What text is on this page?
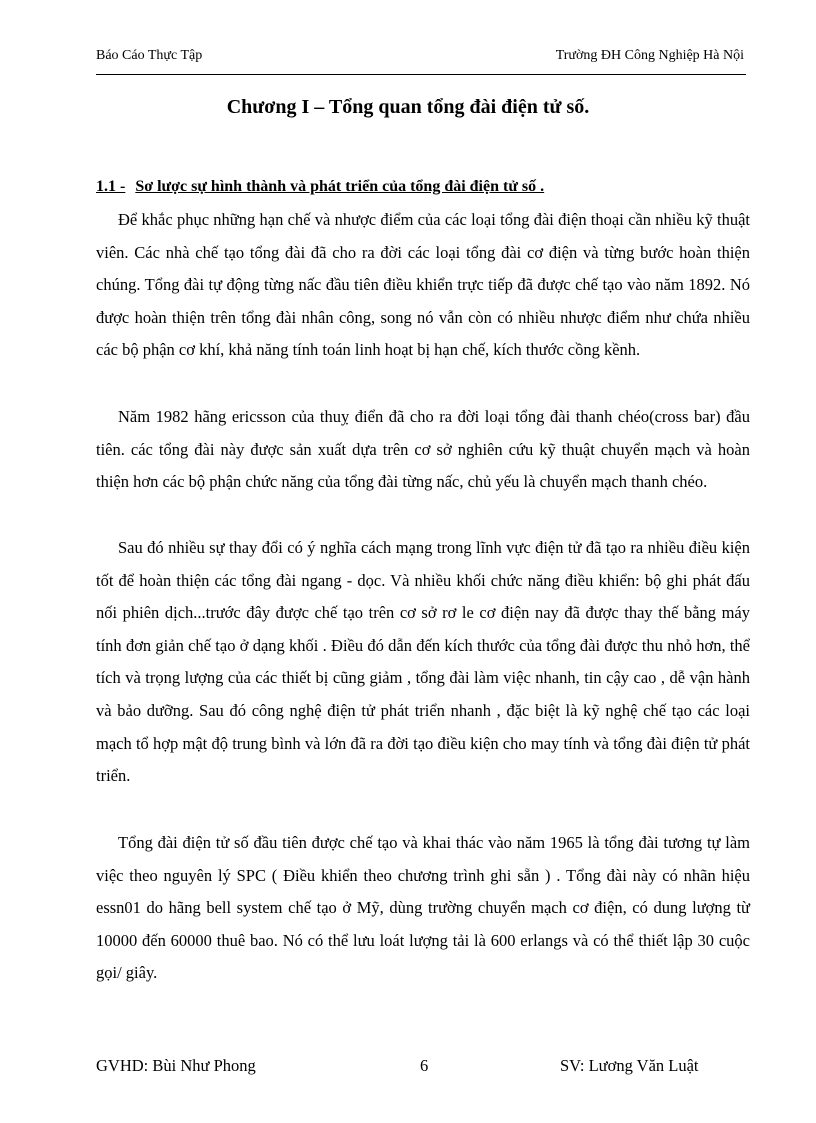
Báo Cáo Thực Tập	Trường ĐH Công Nghiệp Hà Nội
Chương I – Tổng quan tổng đài điện tử số.
1.1 - Sơ lược sự hình thành và phát triển của tổng đài điện tử số .

Để khắc phục những hạn chế và nhược điểm của các loại tổng đài điện thoại cần nhiều kỹ thuật viên. Các nhà chế tạo tổng đài đã cho ra đời các loại tổng đài cơ điện và từng bước hoàn thiện chúng. Tổng đài tự động từng nấc đầu tiên điều khiển trực tiếp đã được chế tạo vào năm 1892. Nó được hoàn thiện trên tổng đài nhân công, song nó vẫn còn có nhiều nhược điểm như chứa nhiều các bộ phận cơ khí, khả năng tính toán linh hoạt bị hạn chế, kích thước cồng kềnh.

Năm 1982 hãng ericsson của thuỵ điển đã cho ra đời loại tổng đài thanh chéo(cross bar) đầu tiên. các tổng đài này được sản xuất dựa trên cơ sở nghiên cứu kỹ thuật chuyển mạch và hoàn thiện hơn các bộ phận chức năng của tổng đài từng nấc, chủ yếu là chuyển mạch thanh chéo.

Sau đó nhiều sự thay đổi có ý nghĩa cách mạng trong lĩnh vực điện tử đã tạo ra nhiều điều kiện tốt để hoàn thiện các tổng đài ngang - dọc. Và nhiều khối chức năng điều khiển: bộ ghi phát đấu nối phiên dịch...trước đây được chế tạo trên cơ sở rơ le cơ điện nay đã được thay thế bằng máy tính đơn giản chế tạo ở dạng khối . Điều đó dẫn đến kích thước của tổng đài được thu nhỏ hơn, thể tích và trọng lượng của các thiết bị cũng giảm , tổng đài làm việc nhanh, tin cậy cao , dễ vận hành và bảo dưỡng. Sau đó công nghệ điện tử phát triển nhanh , đặc biệt là kỹ nghệ chế tạo các loại mạch tổ hợp mật độ trung bình và lớn đã ra đời tạo điều kiện cho may tính và tổng đài điện tử phát triển.

Tổng đài điện tử số đầu tiên được chế tạo và khai thác vào năm 1965 là tổng đài tương tự làm việc theo nguyên lý SPC ( Điều khiển theo chương trình ghi sẵn ) . Tổng đài này có nhãn hiệu essn01 do hãng bell system chế tạo ở Mỹ, dùng trường chuyển mạch cơ điện, có dung lượng từ 10000 đến 60000 thuê bao. Nó có thể lưu loát lượng tải là 600 erlangs và có thể thiết lập 30 cuộc gọi/ giây.

GVHD: Bùi Như Phong	6	SV: Lương Văn Luật
